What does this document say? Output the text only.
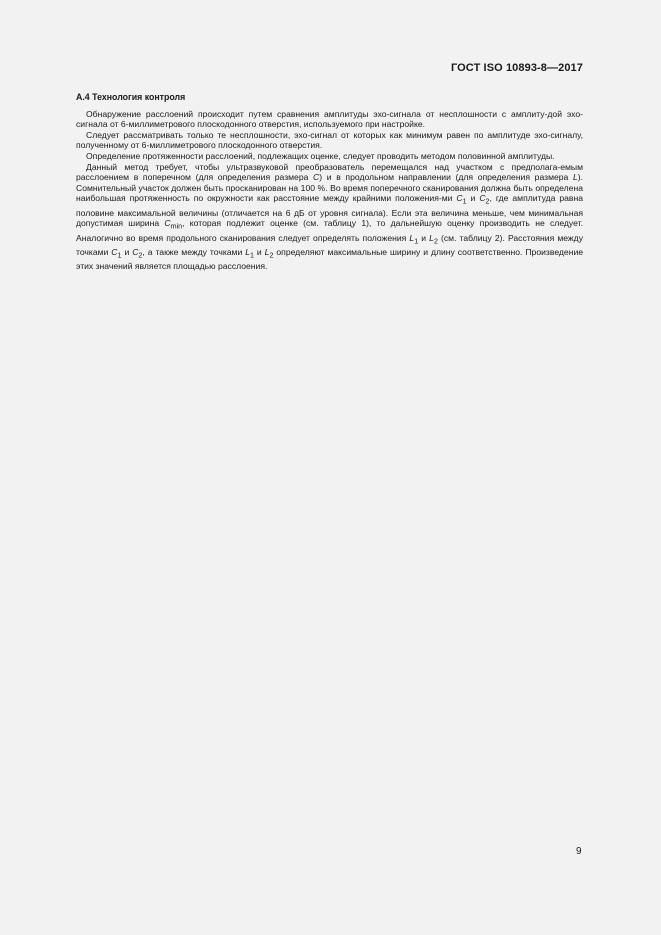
ГОСТ ISO 10893-8—2017
А.4 Технология контроля

Обнаружение расслоений происходит путем сравнения амплитуды эхо-сигнала от несплошности с амплиту-дой эхо-сигнала от 6-миллиметрового плоскодонного отверстия, используемого при настройке.

Следует рассматривать только те несплошности, эхо-сигнал от которых как минимум равен по амплитуде эхо-сигналу, полученному от 6-миллиметрового плоскодонного отверстия.

Определение протяженности расслоений, подлежащих оценке, следует проводить методом половинной амплитуды.

Данный метод требует, чтобы ультразвуковой преобразователь перемещался над участком с предполага-емым расслоением в поперечном (для определения размера C) и в продольном направлении (для определения размера L). Сомнительный участок должен быть просканирован на 100 %. Во время поперечного сканирования должна быть определена наибольшая протяженность по окружности как расстояние между крайними положения-ми $C_1$ и $C_2$, где амплитуда равна половине максимальной величины (отличается на 6 дБ от уровня сигнала). Если эта величина меньше, чем минимальная допустимая ширина $C_{min}$, которая подлежит оценке (см. таблицу 1), то дальнейшую оценку производить не следует. Аналогично во время продольного сканирования следует определять положения $L_1$ и $L_2$ (см. таблицу 2). Расстояния между точками $C_1$ и $C_2$, а также между точками $L_1$ и $L_2$ определяют максимальные ширину и длину соответственно. Произведение этих значений является площадью расслоения.

9
